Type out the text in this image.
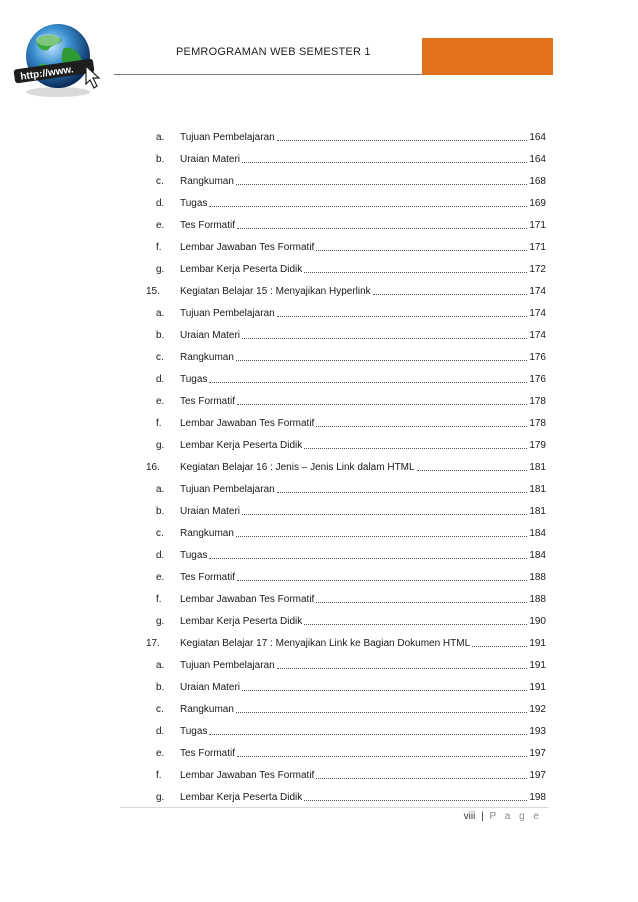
http://www.
PEMROGRAMAN WEB SEMESTER 1
a.	Tujuan Pembelajaran	164
b.	Uraian Materi	164
c.	Rangkuman	168
d.	Tugas	169
e.	Tes Formatif	171
f.	Lembar Jawaban Tes Formatif	171
g.	Lembar Kerja Peserta Didik	172
15.	Kegiatan Belajar 15 : Menyajikan Hyperlink	174
a.	Tujuan Pembelajaran	174
b.	Uraian Materi	174
c.	Rangkuman	176
d.	Tugas	176
e.	Tes Formatif	178
f.	Lembar Jawaban Tes Formatif	178
g.	Lembar Kerja Peserta Didik	179
16.	Kegiatan Belajar 16 : Jenis – Jenis Link dalam HTML	181
a.	Tujuan Pembelajaran	181
b.	Uraian Materi	181
c.	Rangkuman	184
d.	Tugas	184
e.	Tes Formatif	188
f.	Lembar Jawaban Tes Formatif	188
g.	Lembar Kerja Peserta Didik	190
17.	Kegiatan Belajar 17 : Menyajikan Link ke Bagian Dokumen HTML	191
a.	Tujuan Pembelajaran	191
b.	Uraian Materi	191
c.	Rangkuman	192
d.	Tugas	193
e.	Tes Formatif	197
f.	Lembar Jawaban Tes Formatif	197
g.	Lembar Kerja Peserta Didik	198
viii | P a g e
